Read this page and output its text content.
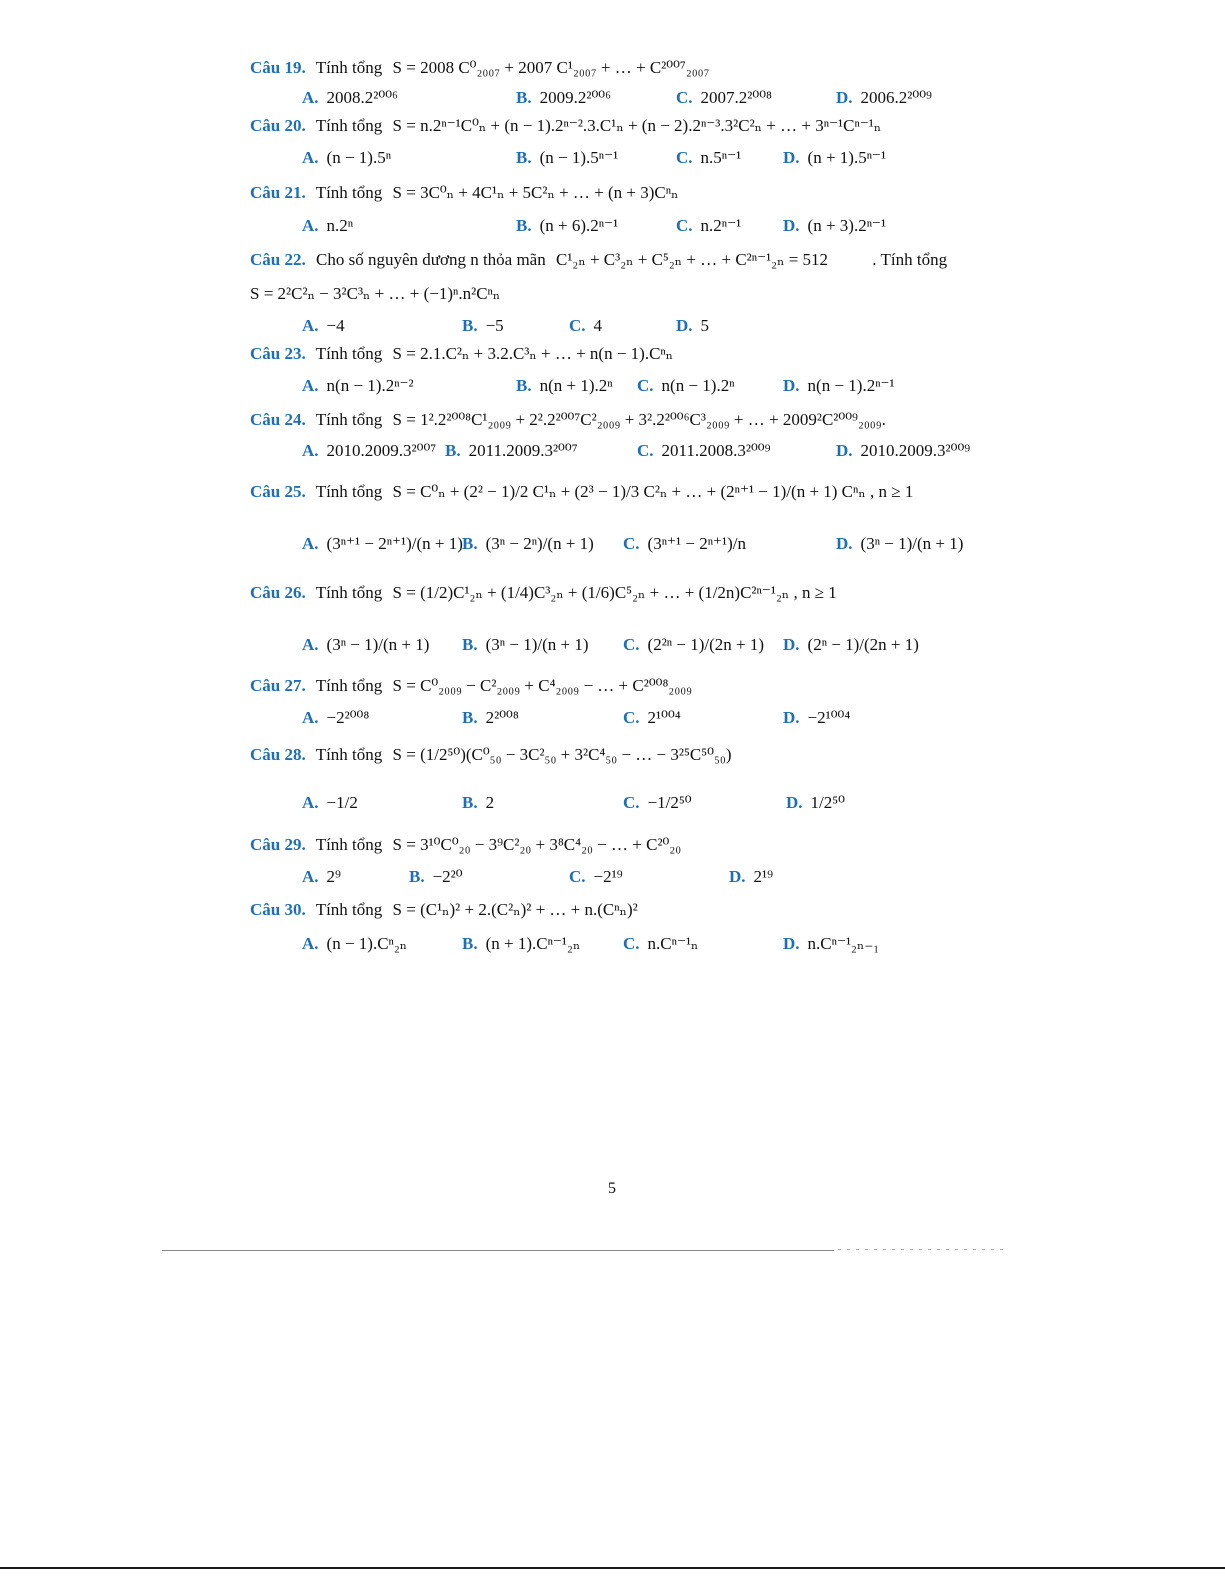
Câu 19. Tính tổng S = 2008 C⁰₂₀₀₇ + 2007 C¹₂₀₀₇ + … + C²⁰⁰⁷₂₀₀₇
A. 2008.2²⁰⁰⁶	B. 2009.2²⁰⁰⁶	C. 2007.2²⁰⁰⁸	D. 2006.2²⁰⁰⁹
Câu 20. Tính tổng S = n.2ⁿ⁻¹C⁰ₙ + (n − 1).2ⁿ⁻².3.C¹ₙ + (n − 2).2ⁿ⁻³.3²C²ₙ + … + 3ⁿ⁻¹Cⁿ⁻¹ₙ
A. (n − 1).5ⁿ	B. (n − 1).5ⁿ⁻¹	C. n.5ⁿ⁻¹ D. (n + 1).5ⁿ⁻¹
Câu 21. Tính tổng S = 3C⁰ₙ + 4C¹ₙ + 5C²ₙ + … + (n + 3)Cⁿₙ
A. n.2ⁿ	B. (n + 6).2ⁿ⁻¹	C. n.2ⁿ⁻¹ D. (n + 3).2ⁿ⁻¹
Câu 22. Cho số nguyên dương n thỏa mãn C¹₂ₙ + C³₂ₙ + C⁵₂ₙ + … + C²ⁿ⁻¹₂ₙ = 512	. Tính tổng
S = 2²C²ₙ − 3²C³ₙ + … + (−1)ⁿ.n²Cⁿₙ
A. −4	B. −5	C. 4	D. 5
Câu 23. Tính tổng S = 2.1.C²ₙ + 3.2.C³ₙ + … + n(n − 1).Cⁿₙ
A. n(n − 1).2ⁿ⁻²	B. n(n + 1).2ⁿ C. n(n − 1).2ⁿ	D. n(n − 1).2ⁿ⁻¹
Câu 24. Tính tổng S = 1².2²⁰⁰⁸C¹₂₀₀₉ + 2².2²⁰⁰⁷C²₂₀₀₉ + 3².2²⁰⁰⁶C³₂₀₀₉ + … + 2009²C²⁰⁰⁹₂₀₀₉.
A. 2010.2009.3²⁰⁰⁷ B. 2011.2009.3²⁰⁰⁷	C. 2011.2008.3²⁰⁰⁹	D. 2010.2009.3²⁰⁰⁹
Câu 25. Tính tổng S = C⁰ₙ + (2² − 1)/2 C¹ₙ + (2³ − 1)/3 C²ₙ + … + (2ⁿ⁺¹ − 1)/(n + 1) Cⁿₙ , n ≥ 1
A. (3ⁿ⁺¹ − 2ⁿ⁺¹)/(n + 1) B. (3ⁿ − 2ⁿ)/(n + 1) C. (3ⁿ⁺¹ − 2ⁿ⁺¹)/n	D. (3ⁿ − 1)/(n + 1)
Câu 26. Tính tổng S = (1/2)C¹₂ₙ + (1/4)C³₂ₙ + (1/6)C⁵₂ₙ + … + (1/2n)C²ⁿ⁻¹₂ₙ , n ≥ 1
A. (3ⁿ − 1)/(n + 1) B. (3ⁿ − 1)/(n + 1) C. (2²ⁿ − 1)/(2n + 1) D. (2ⁿ − 1)/(2n + 1)
Câu 27. Tính tổng S = C⁰₂₀₀₉ − C²₂₀₀₉ + C⁴₂₀₀₉ − … + C²⁰⁰⁸₂₀₀₉
A. −2²⁰⁰⁸	B. 2²⁰⁰⁸	C. 2¹⁰⁰⁴	D. −2¹⁰⁰⁴
Câu 28. Tính tổng S = (1/2⁵⁰)(C⁰₅₀ − 3C²₅₀ + 3²C⁴₅₀ − … − 3²⁵C⁵⁰₅₀)
A. −1/2	B. 2	C. −1/2⁵⁰	D. 1/2⁵⁰
Câu 29. Tính tổng S = 3¹⁰C⁰₂₀ − 3⁹C²₂₀ + 3⁸C⁴₂₀ − … + C²⁰₂₀
A. 2⁹	B. −2²⁰	C. −2¹⁹	D. 2¹⁹
Câu 30. Tính tổng S = (C¹ₙ)² + 2.(C²ₙ)² + … + n.(Cⁿₙ)²
A. (n − 1).Cⁿ₂ₙ	B. (n + 1).Cⁿ⁻¹₂ₙ	C. n.Cⁿ⁻¹ₙ	D. n.Cⁿ⁻¹₂ₙ₋₁
5
